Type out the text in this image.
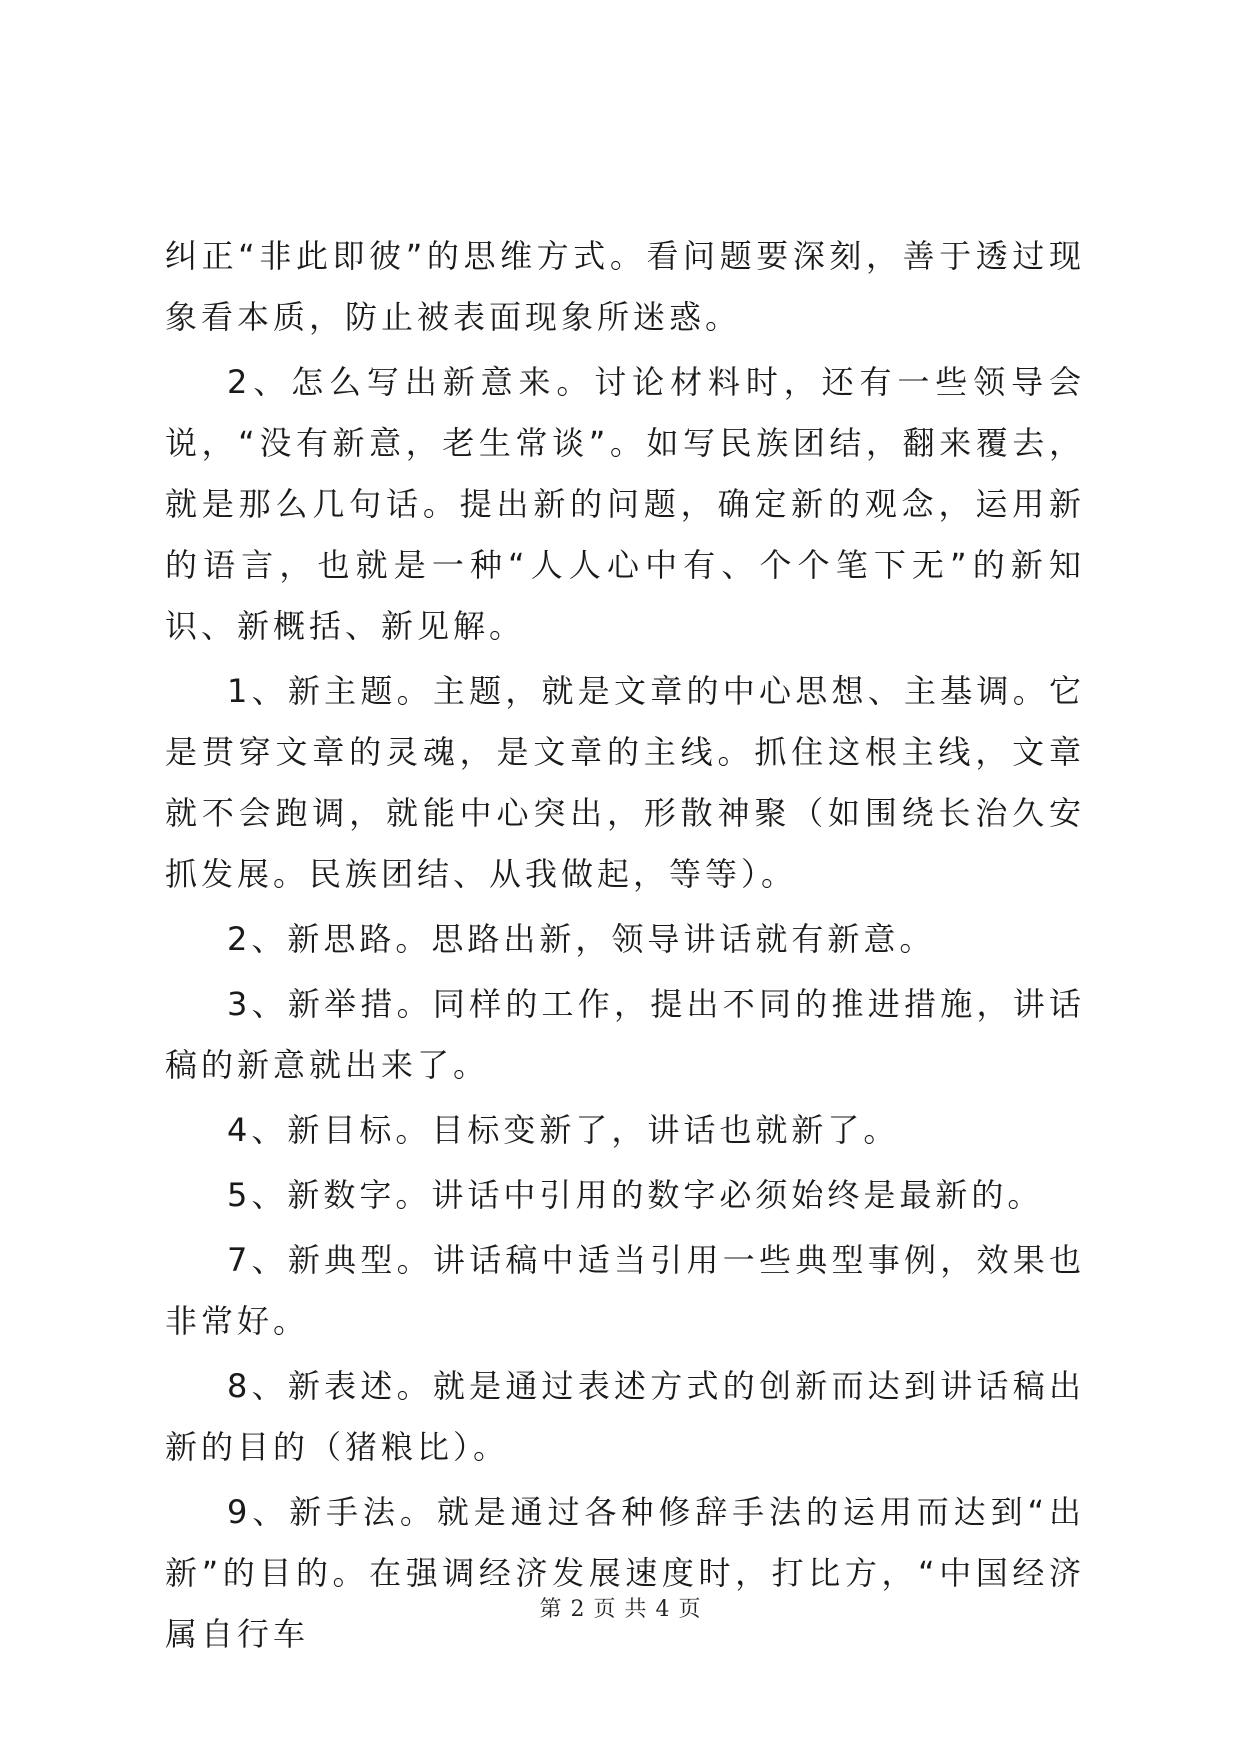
纠正“非此即彼”的思维方式。看问题要深刻，善于透过现象看本质，防止被表面现象所迷惑。

2、怎么写出新意来。讨论材料时，还有一些领导会说，“没有新意，老生常谈”。如写民族团结，翻来覆去，就是那么几句话。提出新的问题，确定新的观念，运用新的语言，也就是一种“人人心中有、个个笔下无”的新知识、新概括、新见解。

1、新主题。主题，就是文章的中心思想、主基调。它是贯穿文章的灵魂，是文章的主线。抓住这根主线，文章就不会跑调，就能中心突出，形散神聚（如围绕长治久安抓发展。民族团结、从我做起，等等）。

2、新思路。思路出新，领导讲话就有新意。

3、新举措。同样的工作，提出不同的推进措施，讲话稿的新意就出来了。

4、新目标。目标变新了，讲话也就新了。

5、新数字。讲话中引用的数字必须始终是最新的。

7、新典型。讲话稿中适当引用一些典型事例，效果也非常好。

8、新表述。就是通过表述方式的创新而达到讲话稿出新的目的（猪粮比）。

9、新手法。就是通过各种修辞手法的运用而达到“出新”的目的。在强调经济发展速度时，打比方，“中国经济属自行车

第 2 页 共 4 页
